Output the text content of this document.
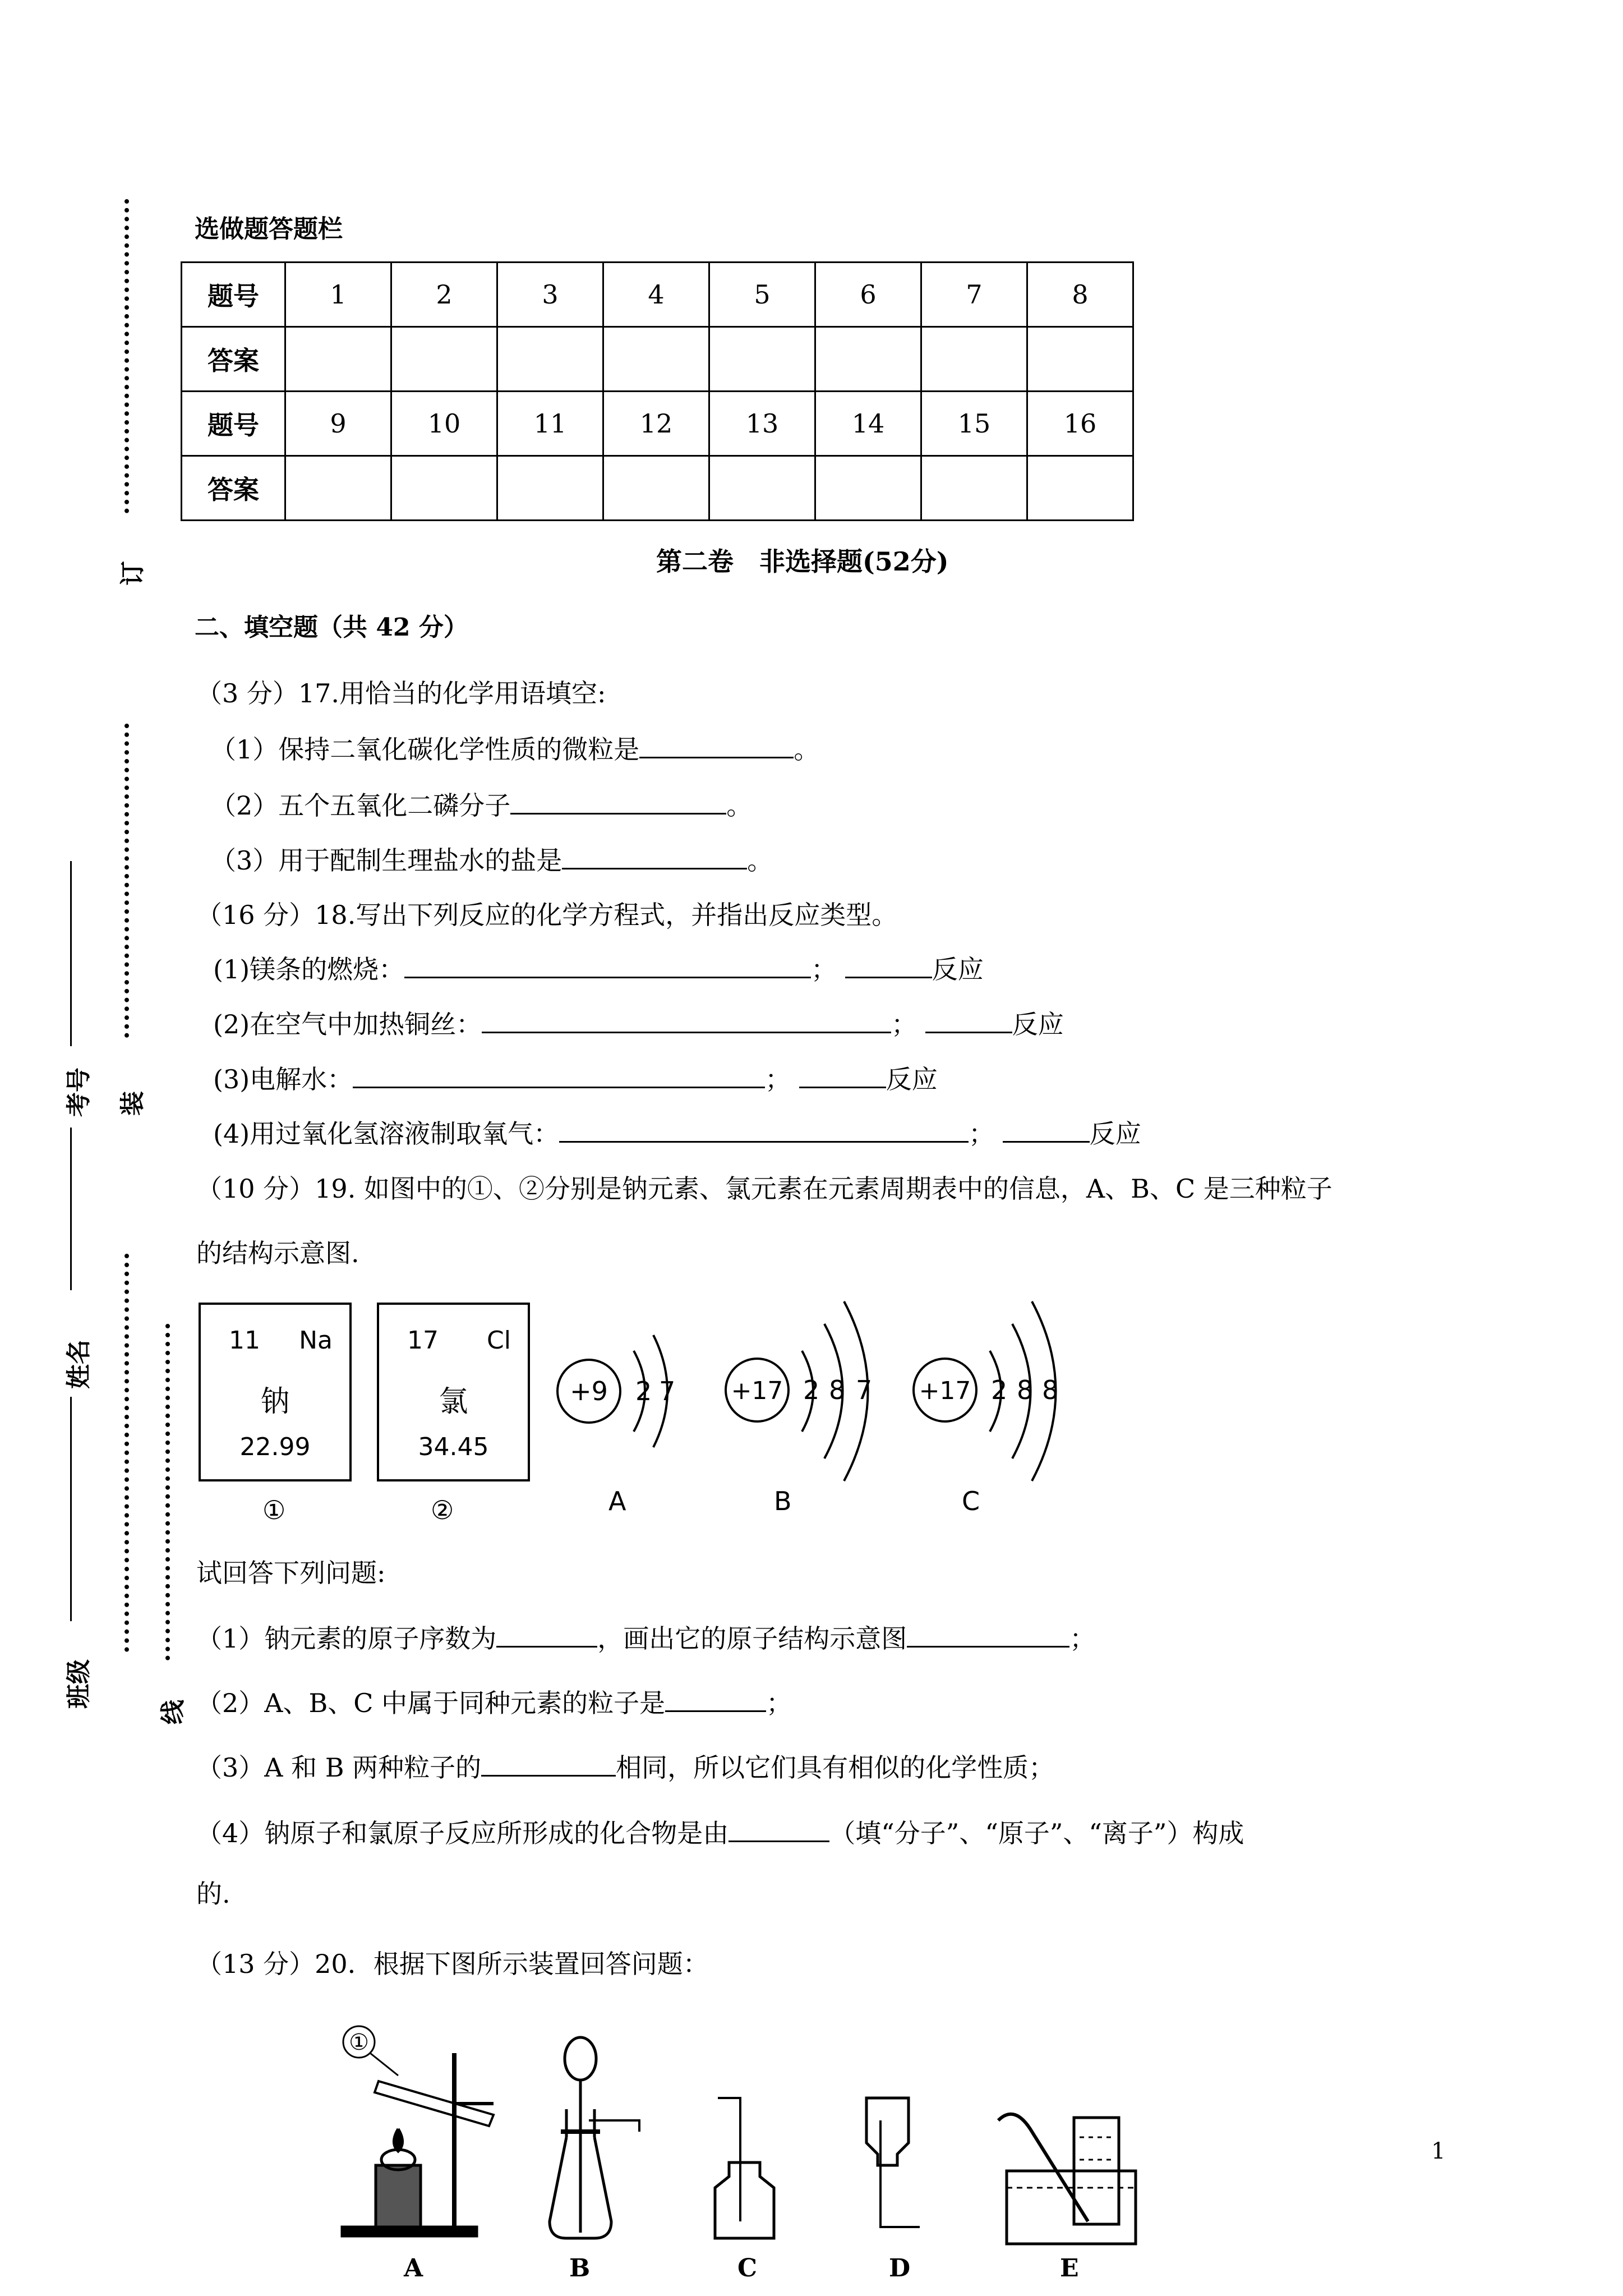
订
装
线
考号
姓名
班级
选做题答题栏
题号	1	2	3	4	5	6	7	8
答案								
题号	9	10	11	12	13	14	15	16
答案								
第二卷　非选择题(52分)
二、填空题（共 42 分）
（3 分）17.用恰当的化学用语填空:
（1）保持二氧化碳化学性质的微粒是	。
（2）五个五氧化二磷分子	。
（3）用于配制生理盐水的盐是	。
（16 分）18.写出下列反应的化学方程式，并指出反应类型。
(1)镁条的燃烧：	；	反应
(2)在空气中加热铜丝：	；	反应
(3)电解水：	；	反应
(4)用过氧化氢溶液制取氧气：	；	反应
（10 分）19. 如图中的①、②分别是钠元素、氯元素在元素周期表中的信息，A、B、C 是三种粒子
的结构示意图.
11 Na
钠
22.99
①
17 Cl
氯
34.45
②
+9 2 7
A
+17 2 8 7
B
+17 2 8 8
C
试回答下列问题:
（1）钠元素的原子序数为	，画出它的原子结构示意图	；
（2）A、B、C 中属于同种元素的粒子是	；
（3）A 和 B 两种粒子的	相同，所以它们具有相似的化学性质；
（4）钠原子和氯原子反应所形成的化合物是由	（填“分子”、“原子”、“离子”）构成
的.
（13 分）20．根据下图所示装置回答问题：
①
A	B	C	D	E
1
